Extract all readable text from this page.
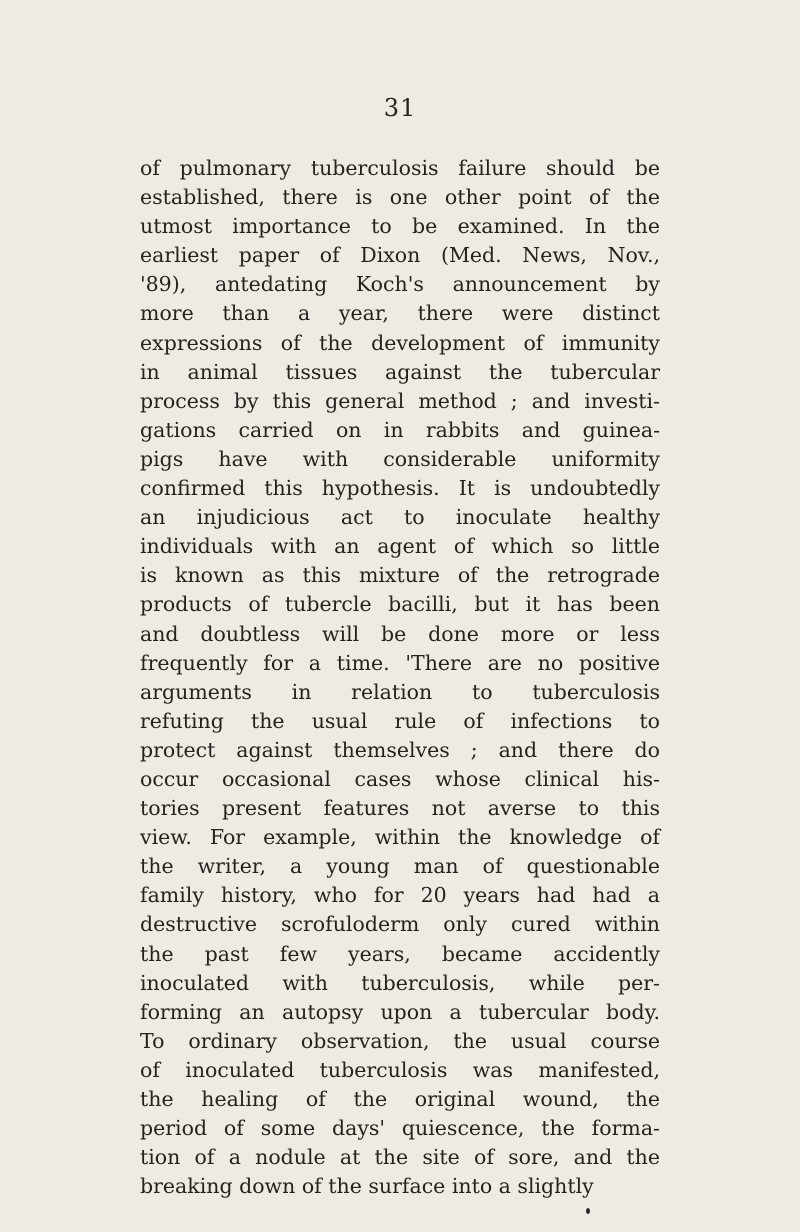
31
of pulmonary tuberculosis failure should be
established, there is one other point of the
utmost importance to be examined. In the
earliest paper of Dixon (Med. News, Nov.,
'89), antedating Koch's announcement by
more than a year, there were distinct
expressions of the development of immunity
in animal tissues against the tubercular
process by this general method ; and investi-
gations carried on in rabbits and guinea-
pigs have with considerable uniformity
confirmed this hypothesis. It is undoubtedly
an injudicious act to inoculate healthy
individuals with an agent of which so little
is known as this mixture of the retrograde
products of tubercle bacilli, but it has been
and doubtless will be done more or less
frequently for a time. 'There are no positive
arguments in relation to tuberculosis
refuting the usual rule of infections to
protect against themselves ; and there do
occur occasional cases whose clinical his-
tories present features not averse to this
view. For example, within the knowledge of
the writer, a young man of questionable
family history, who for 20 years had had a
destructive scrofuloderm only cured within
the past few years, became accidently
inoculated with tuberculosis, while per-
forming an autopsy upon a tubercular body.
To ordinary observation, the usual course
of inoculated tuberculosis was manifested,
the healing of the original wound, the
period of some days' quiescence, the forma-
tion of a nodule at the site of sore, and the
breaking down of the surface into a slightly
